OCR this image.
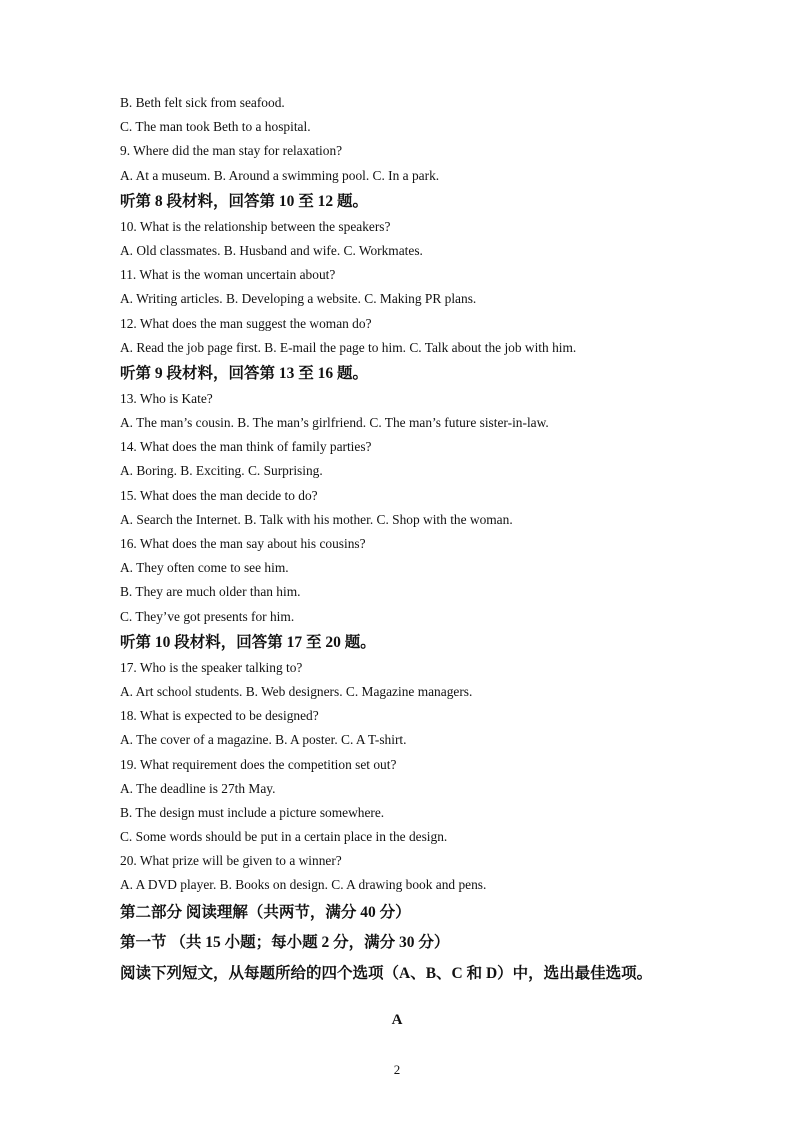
B. Beth felt sick from seafood.
C. The man took Beth to a hospital.
9. Where did the man stay for relaxation?
A. At a museum. B. Around a swimming pool. C. In a park.
听第 8 段材料，回答第 10 至 12 题。
10. What is the relationship between the speakers?
A. Old classmates. B. Husband and wife. C. Workmates.
11. What is the woman uncertain about?
A. Writing articles. B. Developing a website. C. Making PR plans.
12. What does the man suggest the woman do?
A. Read the job page first. B. E-mail the page to him. C. Talk about the job with him.
听第 9 段材料，回答第 13 至 16 题。
13. Who is Kate?
A. The man’s cousin. B. The man’s girlfriend. C. The man’s future sister-in-law.
14. What does the man think of family parties?
A. Boring. B. Exciting. C. Surprising.
15. What does the man decide to do?
A. Search the Internet. B. Talk with his mother. C. Shop with the woman.
16. What does the man say about his cousins?
A. They often come to see him.
B. They are much older than him.
C. They’ve got presents for him.
听第 10 段材料，回答第 17 至 20 题。
17. Who is the speaker talking to?
A. Art school students. B. Web designers. C. Magazine managers.
18. What is expected to be designed?
A. The cover of a magazine. B. A poster. C. A T-shirt.
19. What requirement does the competition set out?
A. The deadline is 27th May.
B. The design must include a picture somewhere.
C. Some words should be put in a certain place in the design.
20. What prize will be given to a winner?
A. A DVD player. B. Books on design. C. A drawing book and pens.
第二部分 阅读理解（共两节，满分 40 分）
第一节 （共 15 小题；每小题 2 分，满分 30 分）
阅读下列短文，从每题所给的四个选项（A、B、C 和 D）中，选出最佳选项。
A
2
